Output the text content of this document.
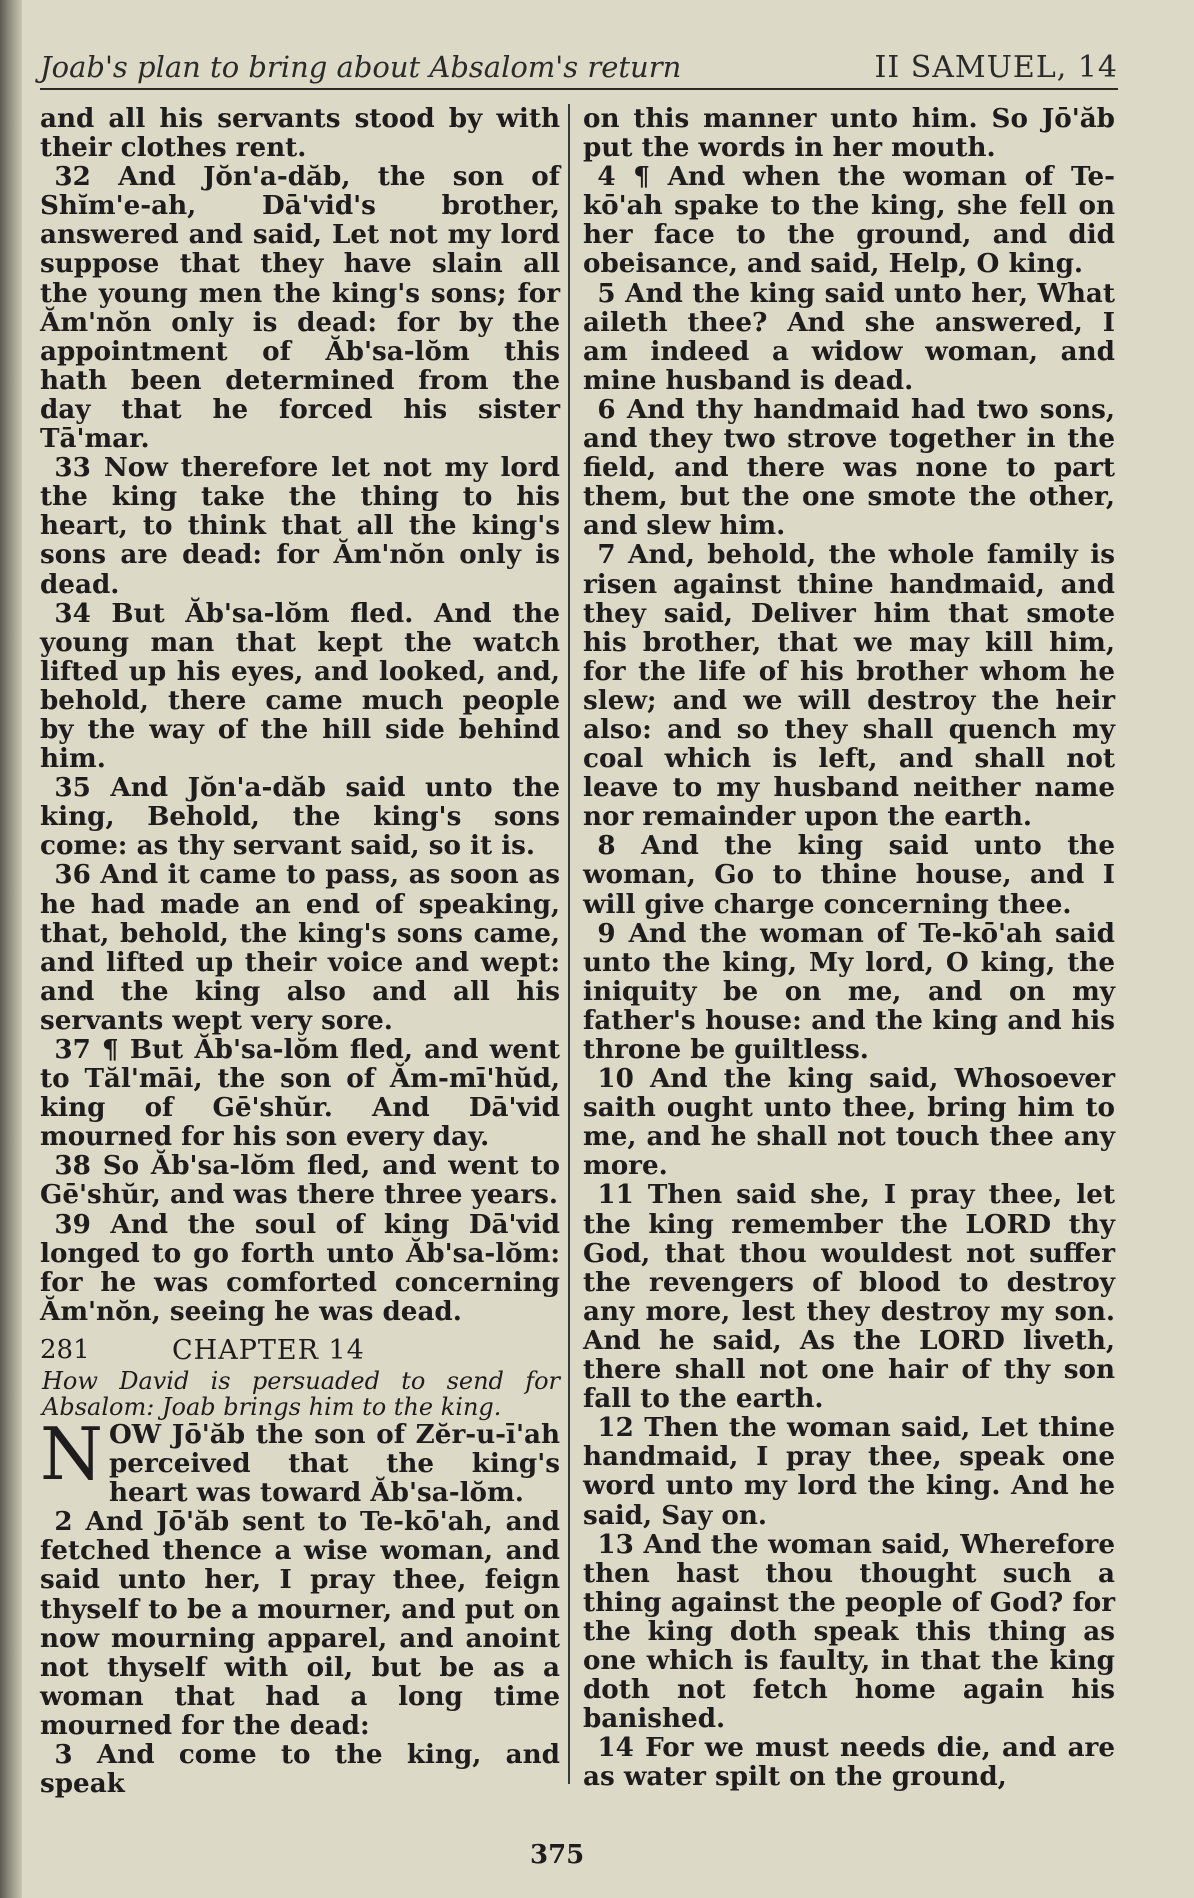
Joab's plan to bring about Absalom's return	II SAMUEL, 14

and all his servants stood by with their clothes rent.

32 And Jŏn'a-dăb, the son of Shĭm'e-ah, Dā'vid's brother, answered and said, Let not my lord suppose that they have slain all the young men the king's sons; for Ăm'nŏn only is dead: for by the appointment of Ăb'sa-lŏm this hath been determined from the day that he forced his sister Tā'mar.

33 Now therefore let not my lord the king take the thing to his heart, to think that all the king's sons are dead: for Ăm'nŏn only is dead.

34 But Ăb'sa-lŏm fled. And the young man that kept the watch lifted up his eyes, and looked, and, behold, there came much people by the way of the hill side behind him.

35 And Jŏn'a-dăb said unto the king, Behold, the king's sons come: as thy servant said, so it is.

36 And it came to pass, as soon as he had made an end of speaking, that, behold, the king's sons came, and lifted up their voice and wept: and the king also and all his servants wept very sore.

37 ¶ But Ăb'sa-lŏm fled, and went to Tăl'māi, the son of Ăm-mī'hŭd, king of Gē'shŭr. And Dā'vid mourned for his son every day.

38 So Ăb'sa-lŏm fled, and went to Gē'shŭr, and was there three years.

39 And the soul of king Dā'vid longed to go forth unto Ăb'sa-lŏm: for he was comforted concerning Ăm'nŏn, seeing he was dead.

281	CHAPTER 14

How David is persuaded to send for Absalom: Joab brings him to the king.

NOW Jō'ăb the son of Zĕr-u-ī'ah perceived that the king's heart was toward Ăb'sa-lŏm.

2 And Jō'ăb sent to Te-kō'ah, and fetched thence a wise woman, and said unto her, I pray thee, feign thyself to be a mourner, and put on now mourning apparel, and anoint not thyself with oil, but be as a woman that had a long time mourned for the dead:

3 And come to the king, and speak

on this manner unto him. So Jō'ăb put the words in her mouth.

4 ¶ And when the woman of Te-kō'ah spake to the king, she fell on her face to the ground, and did obeisance, and said, Help, O king.

5 And the king said unto her, What aileth thee? And she answered, I am indeed a widow woman, and mine husband is dead.

6 And thy handmaid had two sons, and they two strove together in the field, and there was none to part them, but the one smote the other, and slew him.

7 And, behold, the whole family is risen against thine handmaid, and they said, Deliver him that smote his brother, that we may kill him, for the life of his brother whom he slew; and we will destroy the heir also: and so they shall quench my coal which is left, and shall not leave to my husband neither name nor remainder upon the earth.

8 And the king said unto the woman, Go to thine house, and I will give charge concerning thee.

9 And the woman of Te-kō'ah said unto the king, My lord, O king, the iniquity be on me, and on my father's house: and the king and his throne be guiltless.

10 And the king said, Whosoever saith ought unto thee, bring him to me, and he shall not touch thee any more.

11 Then said she, I pray thee, let the king remember the LORD thy God, that thou wouldest not suffer the revengers of blood to destroy any more, lest they destroy my son. And he said, As the LORD liveth, there shall not one hair of thy son fall to the earth.

12 Then the woman said, Let thine handmaid, I pray thee, speak one word unto my lord the king. And he said, Say on.

13 And the woman said, Wherefore then hast thou thought such a thing against the people of God? for the king doth speak this thing as one which is faulty, in that the king doth not fetch home again his banished.

14 For we must needs die, and are as water spilt on the ground,

375
